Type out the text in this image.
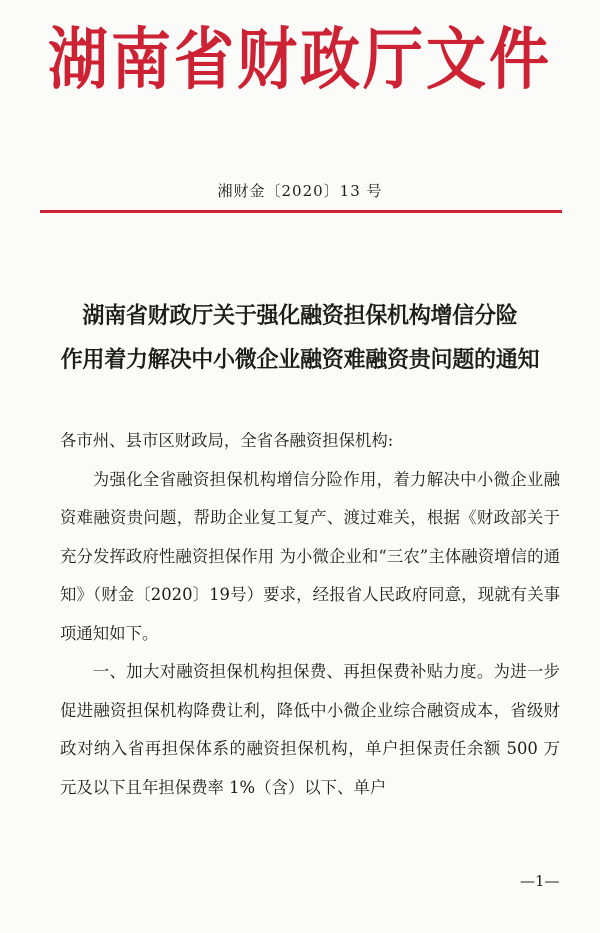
湖南省财政厅文件
湘财金〔2020〕13 号
湖南省财政厅关于强化融资担保机构增信分险
作用着力解决中小微企业融资难融资贵问题的通知

各市州、县市区财政局，全省各融资担保机构:

为强化全省融资担保机构增信分险作用，着力解决中小微企业融资难融资贵问题，帮助企业复工复产、渡过难关，根据《财政部关于充分发挥政府性融资担保作用 为小微企业和“三农”主体融资增信的通知》（财金〔2020〕19号）要求，经报省人民政府同意，现就有关事项通知如下。

一、加大对融资担保机构担保费、再担保费补贴力度。为进一步促进融资担保机构降费让利，降低中小微企业综合融资成本，省级财政对纳入省再担保体系的融资担保机构，单户担保责任余额 500 万元及以下且年担保费率 1%（含）以下、单户

—1—
